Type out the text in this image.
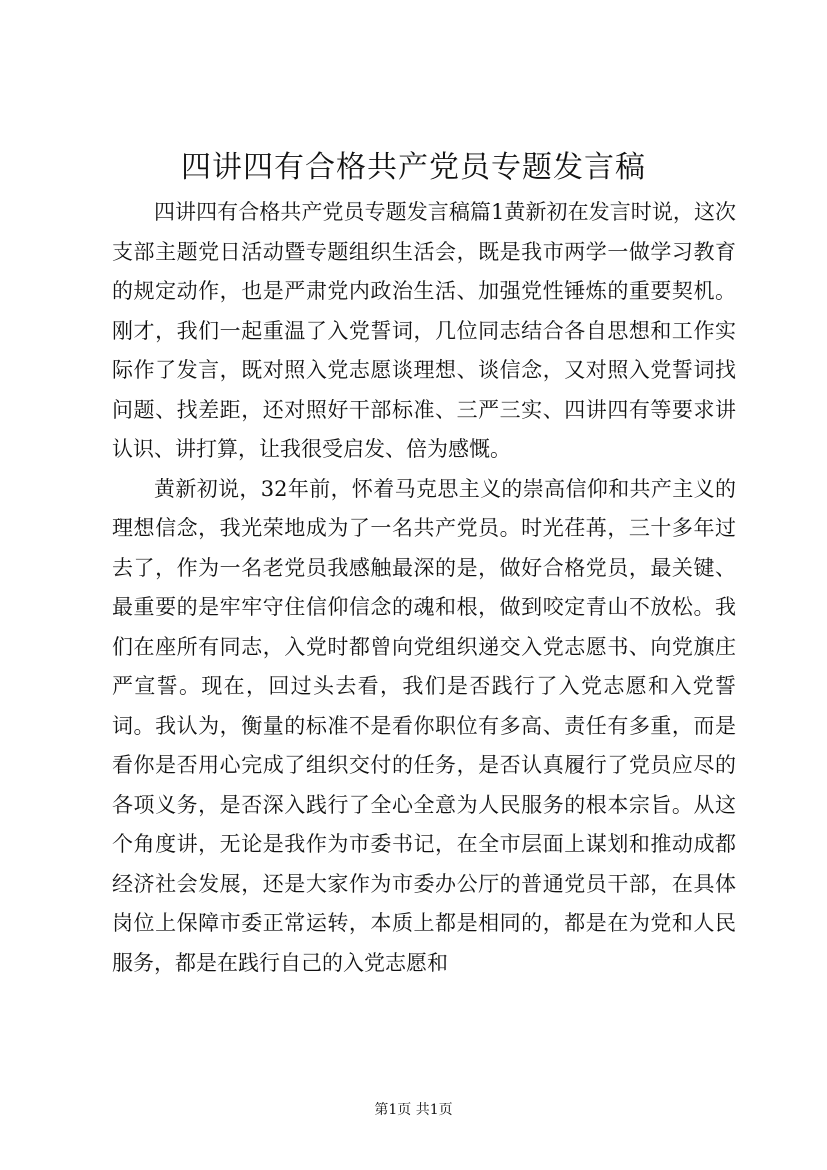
四讲四有合格共产党员专题发言稿

四讲四有合格共产党员专题发言稿篇1黄新初在发言时说，这次支部主题党日活动暨专题组织生活会，既是我市两学一做学习教育的规定动作，也是严肃党内政治生活、加强党性锤炼的重要契机。刚才，我们一起重温了入党誓词，几位同志结合各自思想和工作实际作了发言，既对照入党志愿谈理想、谈信念，又对照入党誓词找问题、找差距，还对照好干部标准、三严三实、四讲四有等要求讲认识、讲打算，让我很受启发、倍为感慨。

黄新初说，32年前，怀着马克思主义的崇高信仰和共产主义的理想信念，我光荣地成为了一名共产党员。时光荏苒，三十多年过去了，作为一名老党员我感触最深的是，做好合格党员，最关键、最重要的是牢牢守住信仰信念的魂和根，做到咬定青山不放松。我们在座所有同志，入党时都曾向党组织递交入党志愿书、向党旗庄严宣誓。现在，回过头去看，我们是否践行了入党志愿和入党誓词。我认为，衡量的标准不是看你职位有多高、责任有多重，而是看你是否用心完成了组织交付的任务，是否认真履行了党员应尽的各项义务，是否深入践行了全心全意为人民服务的根本宗旨。从这个角度讲，无论是我作为市委书记，在全市层面上谋划和推动成都经济社会发展，还是大家作为市委办公厅的普通党员干部，在具体岗位上保障市委正常运转，本质上都是相同的，都是在为党和人民服务，都是在践行自己的入党志愿和

第1页 共1页
